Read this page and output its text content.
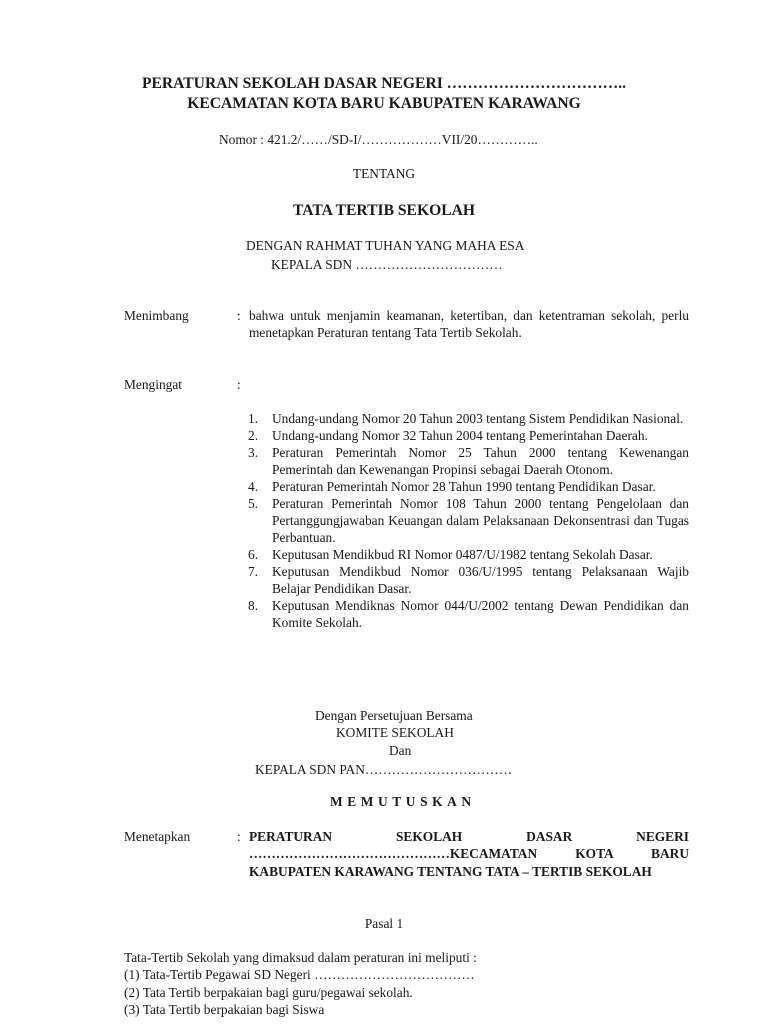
PERATURAN SEKOLAH DASAR NEGERI ……………………………..
KECAMATAN KOTA BARU KABUPATEN KARAWANG
Nomor : 421.2/……/SD-I/………………VII/20…………..
TENTANG
TATA TERTIB SEKOLAH
DENGAN RAHMAT TUHAN YANG MAHA ESA
KEPALA SDN ……………………………
Menimbang	: bahwa untuk menjamin keamanan, ketertiban, dan ketentraman sekolah, perlu menetapkan Peraturan tentang Tata Tertib Sekolah.
Mengingat	:
1. Undang-undang Nomor 20 Tahun 2003 tentang Sistem Pendidikan Nasional.
2. Undang-undang Nomor 32 Tahun 2004 tentang Pemerintahan Daerah.
3. Peraturan Pemerintah Nomor 25 Tahun 2000 tentang Kewenangan Pemerintah dan Kewenangan Propinsi sebagai Daerah Otonom.
4. Peraturan Pemerintah Nomor 28 Tahun 1990 tentang Pendidikan Dasar.
5. Peraturan Pemerintah Nomor 108 Tahun 2000 tentang Pengelolaan dan Pertanggungjawaban Keuangan dalam Pelaksanaan Dekonsentrasi dan Tugas Perbantuan.
6. Keputusan Mendikbud RI Nomor 0487/U/1982 tentang Sekolah Dasar.
7. Keputusan Mendikbud Nomor 036/U/1995 tentang Pelaksanaan Wajib Belajar Pendidikan Dasar.
8. Keputusan Mendiknas Nomor 044/U/2002 tentang Dewan Pendidikan dan Komite Sekolah.
Dengan Persetujuan Bersama
KOMITE SEKOLAH
Dan
KEPALA SDN PAN……………………………
MEMUTUSKAN
Menetapkan	: PERATURAN SEKOLAH DASAR NEGERI ………………………………………KECAMATAN KOTA BARU KABUPATEN KARAWANG TENTANG TATA – TERTIB SEKOLAH
Pasal 1
Tata-Tertib Sekolah yang dimaksud dalam peraturan ini meliputi :
(1) Tata-Tertib Pegawai SD Negeri ………………………………
(2) Tata Tertib berpakaian bagi guru/pegawai sekolah.
(3) Tata Tertib berpakaian bagi Siswa
